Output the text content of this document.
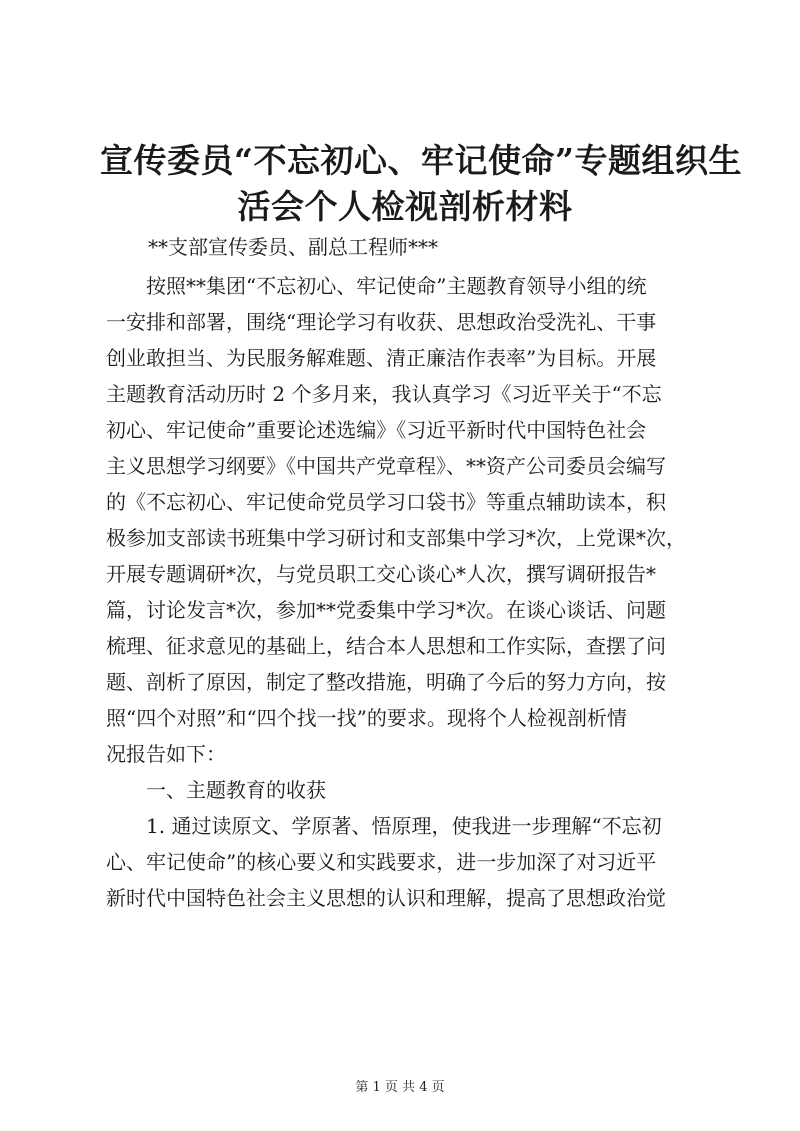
宣传委员“不忘初心、牢记使命”专题组织生
活会个人检视剖析材料
**支部宣传委员、副总工程师***
按照**集团“不忘初心、牢记使命”主题教育领导小组的统
一安排和部署，围绕“理论学习有收获、思想政治受洗礼、干事
创业敢担当、为民服务解难题、清正廉洁作表率”为目标。开展
主题教育活动历时 2 个多月来，我认真学习《习近平关于“不忘
初心、牢记使命”重要论述选编》《习近平新时代中国特色社会
主义思想学习纲要》《中国共产党章程》、**资产公司委员会编写
的《不忘初心、牢记使命党员学习口袋书》等重点辅助读本，积
极参加支部读书班集中学习研讨和支部集中学习*次，上党课*次，
开展专题调研*次，与党员职工交心谈心*人次，撰写调研报告*
篇，讨论发言*次，参加**党委集中学习*次。在谈心谈话、问题
梳理、征求意见的基础上，结合本人思想和工作实际，查摆了问
题、剖析了原因，制定了整改措施，明确了今后的努力方向，按
照“四个对照”和“四个找一找”的要求。现将个人检视剖析情
况报告如下：
一、主题教育的收获
1. 通过读原文、学原著、悟原理，使我进一步理解“不忘初
心、牢记使命”的核心要义和实践要求，进一步加深了对习近平
新时代中国特色社会主义思想的认识和理解，提高了思想政治觉
第 1 页 共 4 页
